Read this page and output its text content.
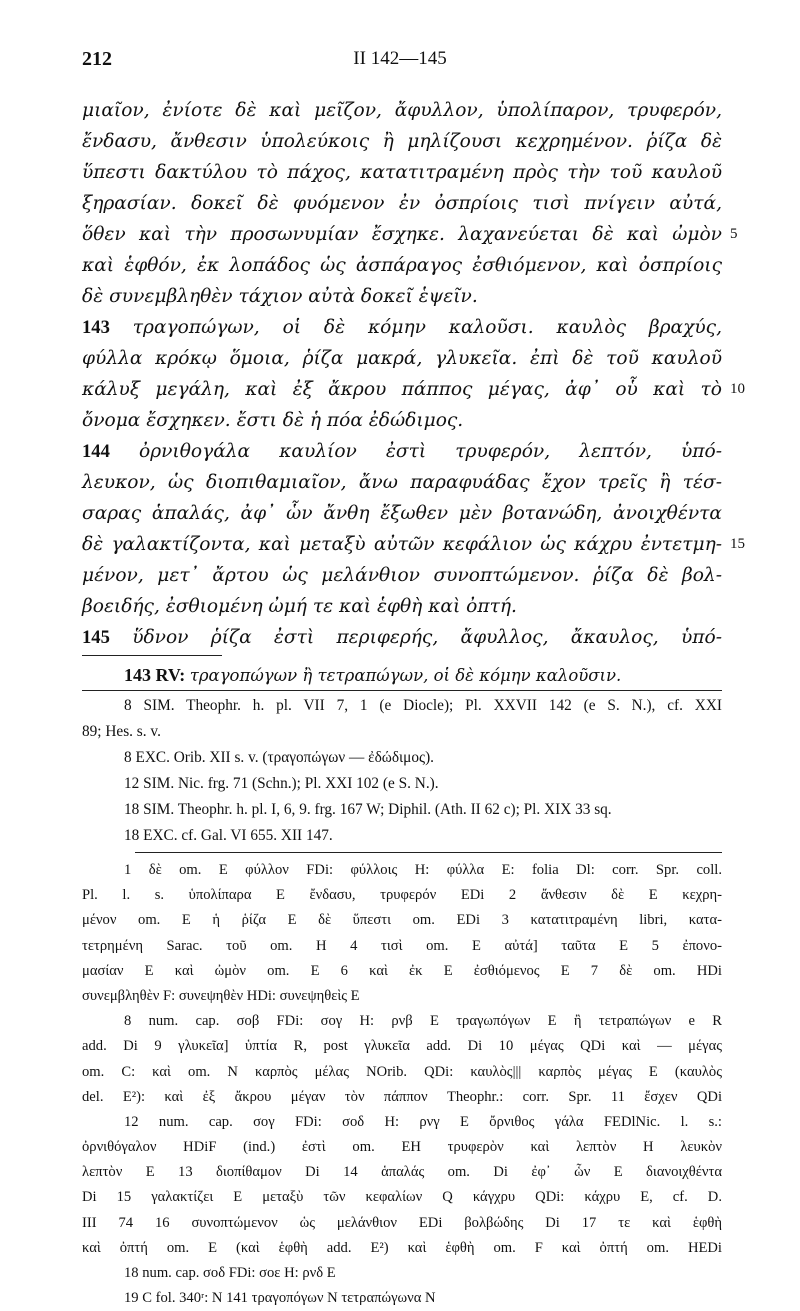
212	II 142—145
μιαῖον, ἐνίοτε δὲ καὶ μεῖζον, ἄφυλλον, ὑπολίπαρον, τρυφερόν,
ἔνδασυ, ἄνθεσιν ὑπολεύκοις ἢ μηλίζουσι κεχρημένον. ῥίζα δὲ
ὕπεστι δακτύλου τὸ πάχος, κατατιτραμένη πρὸς τὴν τοῦ καυλοῦ
ξηρασίαν. δοκεῖ δὲ φυόμενον ἐν ὀσπρίοις τισὶ πνίγειν αὐτά,
ὅθεν καὶ τὴν προσωνυμίαν ἔσχηκε. λαχανεύεται δὲ καὶ ὠμὸν 5
καὶ ἑφθόν, ἐκ λοπάδος ὡς ἀσπάραγος ἐσθιόμενον, καὶ ὀσπρίοις
δὲ συνεμβληθὲν τάχιον αὐτὰ δοκεῖ ἑψεῖν.
143 τραγοπώγων, οἱ δὲ κόμην καλοῦσι. καυλὸς βραχύς,
φύλλα κρόκῳ ὅμοια, ῥίζα μακρά, γλυκεῖα. ἐπὶ δὲ τοῦ καυλοῦ
κάλυξ μεγάλη, καὶ ἐξ ἄκρου πάππος μέγας, ἀφ᾿ οὗ καὶ τὸ 10
ὄνομα ἔσχηκεν. ἔστι δὲ ἡ πόα ἐδώδιμος.
144 ὀρνιθογάλα καυλίον ἐστὶ τρυφερόν, λεπτόν, ὑπό-
λευκον, ὡς διοπιθαμιαῖον, ἄνω παραφυάδας ἔχον τρεῖς ἢ τέσ-
σαρας ἁπαλάς, ἀφ᾿ ὧν ἄνθη ἔξωθεν μὲν βοτανώδη, ἀνοιχθέντα
δὲ γαλακτίζοντα, καὶ μεταξὺ αὐτῶν κεφάλιον ὡς κάχρυ ἐντετμη- 15
μένον, μετ᾿ ἄρτου ὡς μελάνθιον συνοπτώμενον. ῥίζα δὲ βολ-
βοειδής, ἐσθιομένη ὠμή τε καὶ ἑφθὴ καὶ ὀπτή.
145 ὕδνον ῥίζα ἐστὶ περιφερής, ἄφυλλος, ἄκαυλος, ὑπό-
143 RV: τραγοπώγων ἢ τετραπώγων, οἱ δὲ κόμην καλοῦσιν.
8 SIM. Theophr. h. pl. VII 7, 1 (e Diocle); Pl. XXVII 142 (e S. N.), cf. XXI
89; Hes. s. v.
8 EXC. Orib. XII s. v. (τραγοπώγων — ἐδώδιμος).
12 SIM. Nic. frg. 71 (Schn.); Pl. XXI 102 (e S. N.).
18 SIM. Theophr. h. pl. I, 6, 9. frg. 167 W; Diphil. (Ath. II 62 c); Pl. XIX 33 sq.
18 EXC. cf. Gal. VI 655. XII 147.
1 δὲ om. E φύλλον FDi: φύλλοις H: φύλλα E: folia Dl: corr. Spr. coll.
Pl. l. s. ὑπολίπαρα E ἔνδασυ, τρυφερόν EDi 2 ἄνθεσιν δὲ E κεχρη-
μένον om. E ἡ ῥίζα E δὲ ὕπεστι om. EDi 3 κατατιτραμένη libri, κατα-
τετρημένη Sarac. τοῦ om. H 4 τισὶ om. E αὐτά] ταῦτα E 5 ἐπονο-
μασίαν E καὶ ὠμὸν om. E 6 καὶ ἐκ E ἐσθιόμενος E 7 δὲ om. HDi
συνεμβληθὲν F: συνεψηθὲν HDi: συνεψηθεὶς E
8 num. cap. σοβ FDi: σογ H: ρνβ E τραγωπόγων E ἢ τετραπώγων e R
add. Di 9 γλυκεῖα] ὑπτία R, post γλυκεῖα add. Di 10 μέγας QDi καὶ — μέγας
om. C: καὶ om. N καρπὸς μέλας NOrib. QDi: καυλὸς||| καρπὸς μέγας E (καυλὸς
del. E²): καὶ ἐξ ἄκρου μέγαν τὸν πάππον Theophr.: corr. Spr. 11 ἔσχεν QDi
12 num. cap. σογ FDi: σοδ H: ρνγ E ὄρνιθος γάλα FEDlNic. l. s.:
ὀρνιθόγαλον HDiF (ind.) ἐστὶ om. EH τρυφερὸν καὶ λεπτὸν H λευκὸν
λεπτὸν E 13 διοπίθαμον Di 14 ἁπαλάς om. Di ἐφ᾿ ὧν E διανοιχθέντα
Di 15 γαλακτίζει E μεταξὺ τῶν κεφαλίων Q κάγχρυ QDi: κάχρυ E, cf. D.
III 74 16 συνοπτώμενον ὡς μελάνθιον EDi βολβώδης Di 17 τε καὶ ἑφθὴ
καὶ ὀπτή om. E (καὶ ἑφθὴ add. E²) καὶ ἑφθὴ om. F καὶ ὀπτή om. HEDi
18 num. cap. σοδ FDi: σοε H: ρνδ E
19 C fol. 340ʳ: N 141 τραγοπόγων N τετραπώγωνα N
